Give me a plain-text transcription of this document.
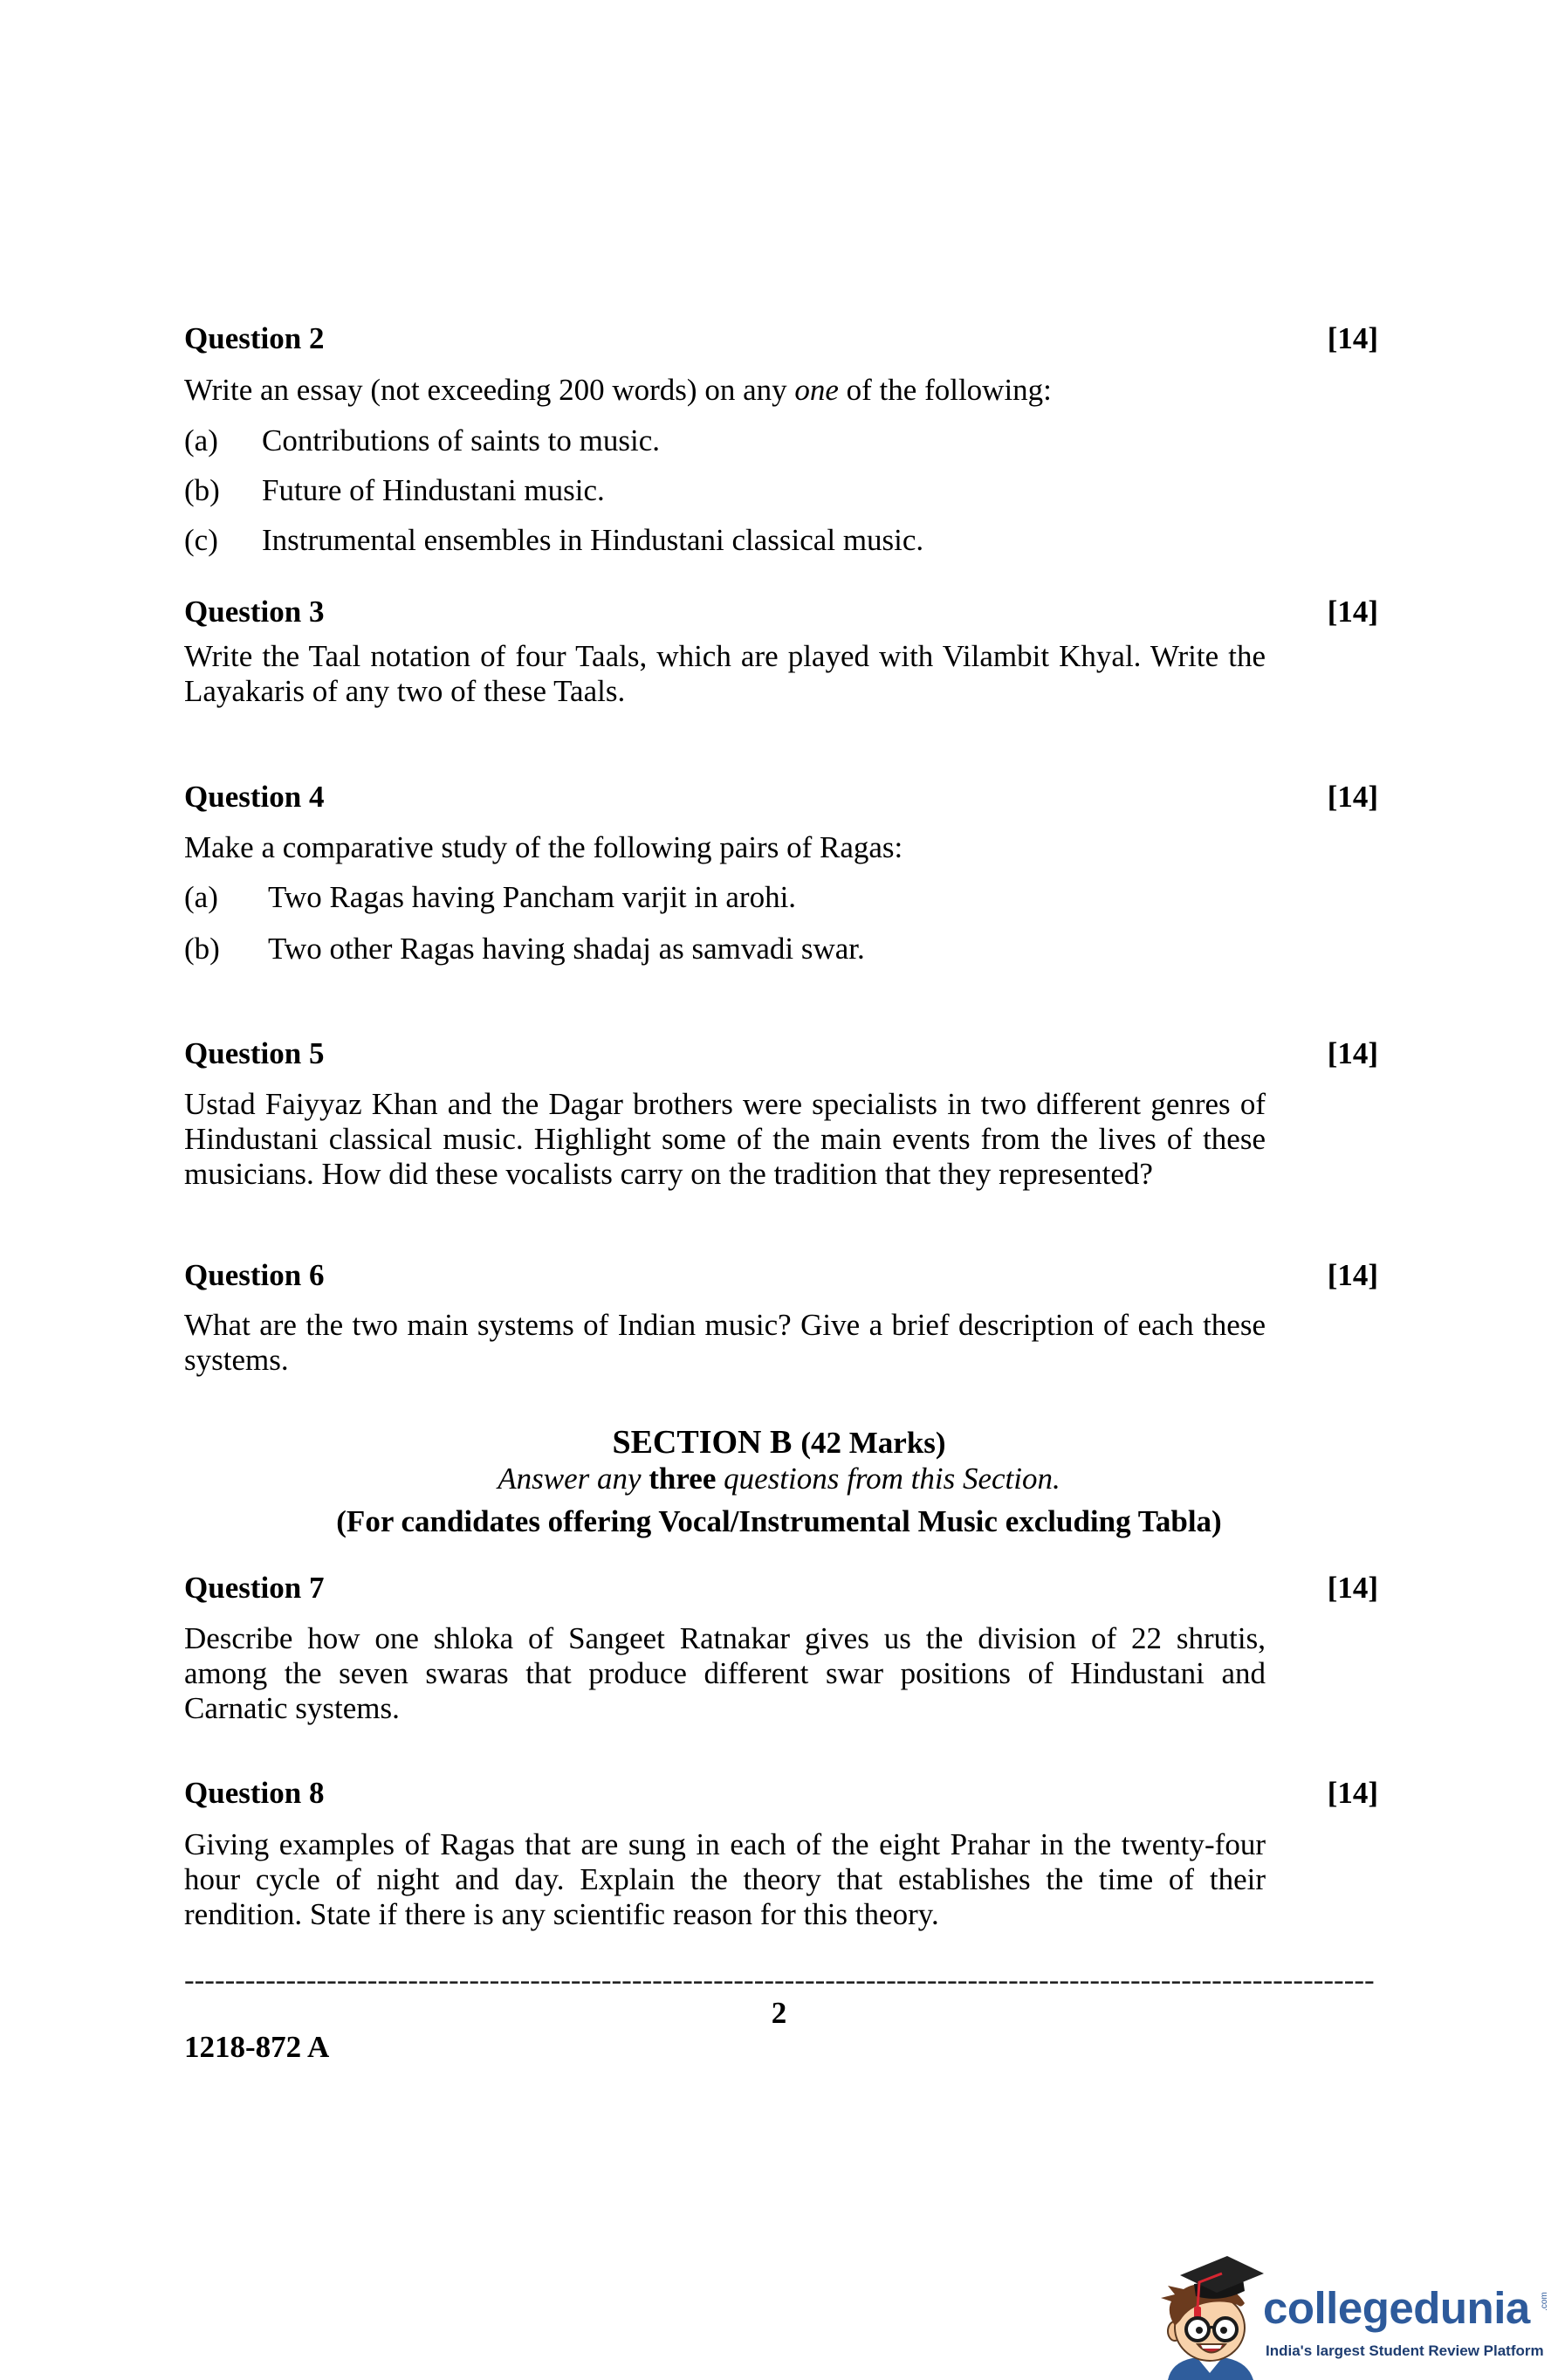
Question 2	[14]
Write an essay (not exceeding 200 words) on any one of the following:
(a) Contributions of saints to music.
(b) Future of Hindustani music.
(c) Instrumental ensembles in Hindustani classical music.
Question 3	[14]
Write the Taal notation of four Taals, which are played with Vilambit Khyal. Write the
Layakaris of any two of these Taals.
Question 4	[14]
Make a comparative study of the following pairs of Ragas:
(a) Two Ragas having Pancham varjit in arohi.
(b) Two other Ragas having shadaj as samvadi swar.
Question 5	[14]
Ustad Faiyyaz Khan and the Dagar brothers were specialists in two different genres of
Hindustani classical music. Highlight some of the main events from the lives of these
musicians. How did these vocalists carry on the tradition that they represented?
Question 6	[14]
What are the two main systems of Indian music? Give a brief description of each these
systems.
SECTION B (42 Marks)
Answer any three questions from this Section.
(For candidates offering Vocal/Instrumental Music excluding Tabla)
Question 7	[14]
Describe how one shloka of Sangeet Ratnakar gives us the division of 22 shrutis,
among the seven swaras that produce different swar positions of Hindustani and
Carnatic systems.
Question 8	[14]
Giving examples of Ragas that are sung in each of the eight Prahar in the twenty-four
hour cycle of night and day. Explain the theory that establishes the time of their
rendition. State if there is any scientific reason for this theory.
---------------------------------------------------------------------------------------------------------------------
2
1218-872 A
collegedunia .com
India's largest Student Review Platform
